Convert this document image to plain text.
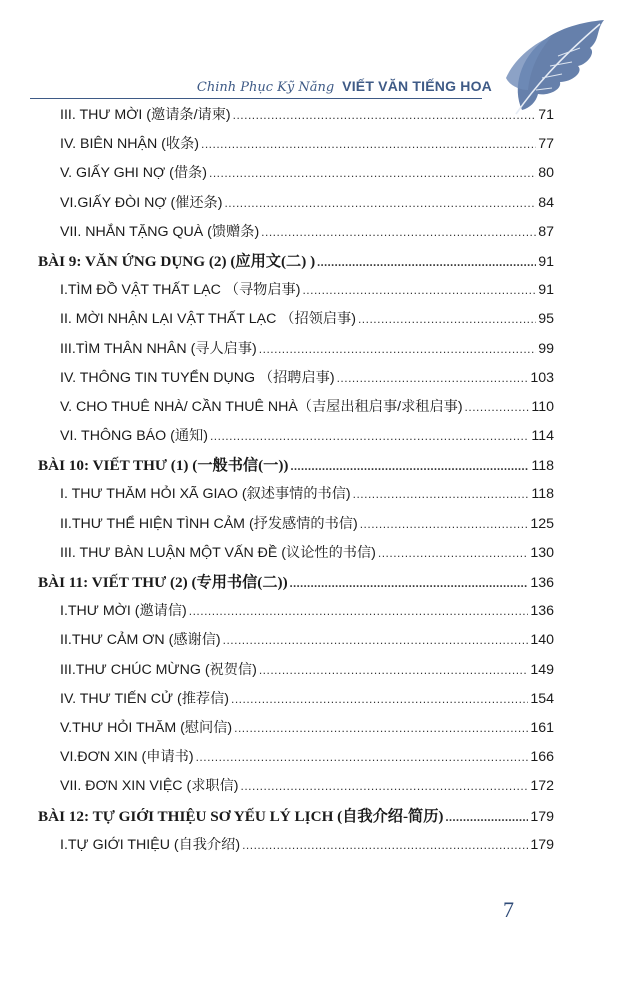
Chinh Phục Kỹ Năng VIẾT VĂN TIẾNG HOA
III. THƯ MỜI (邀请条/请柬) .....	71
IV. BIÊN NHẬN (收条) .....	77
V. GIẤY GHI NỢ (借条) .....	80
VI.GIẤY ĐÒI NỢ (催还条) .....	84
VII. NHẮN TẶNG QUÀ (馈赠条) .....	87
BÀI 9: VĂN ỨNG DỤNG (2) (应用文(二) ) .....	91
I.TÌM ĐỒ VẬT THẤT LẠC （寻物启事) .....	91
II. MỜI NHẬN LẠI VẬT THẤT LẠC （招领启事) .....	95
III.TÌM THÂN NHÂN (寻人启事) .....	99
IV. THÔNG TIN TUYỂN DỤNG （招聘启事) .....	103
V. CHO THUÊ NHÀ/ CẦN THUÊ NHÀ（吉屋出租启事/求租启事) .....	110
VI. THÔNG BÁO (通知) .....	114
BÀI 10: VIẾT THƯ (1) (一般书信(一)) .....	118
I. THƯ THĂM HỎI XÃ GIAO (叙述事情的书信) .....	118
II.THƯ THỂ HIỆN TÌNH CẢM (抒发感情的书信) .....	125
III. THƯ BÀN LUẬN MỘT VẤN ĐỀ (议论性的书信) .....	130
BÀI 11: VIẾT THƯ (2) (专用书信(二)) .....	136
I.THƯ MỜI (邀请信) .....	136
II.THƯ CẢM ƠN (感谢信) .....	140
III.THƯ CHÚC MỪNG (祝贺信) .....	149
IV. THƯ TIẾN CỬ (推荐信) .....	154
V.THƯ HỎI THĂM (慰问信) .....	161
VI.ĐƠN XIN (申请书) .....	166
VII. ĐƠN XIN VIỆC (求职信) .....	172
BÀI 12: TỰ GIỚI THIỆU SƠ YẾU LÝ LỊCH (自我介绍-简历) .....	179
I.TỰ GIỚI THIỆU (自我介绍) .....	179
7
